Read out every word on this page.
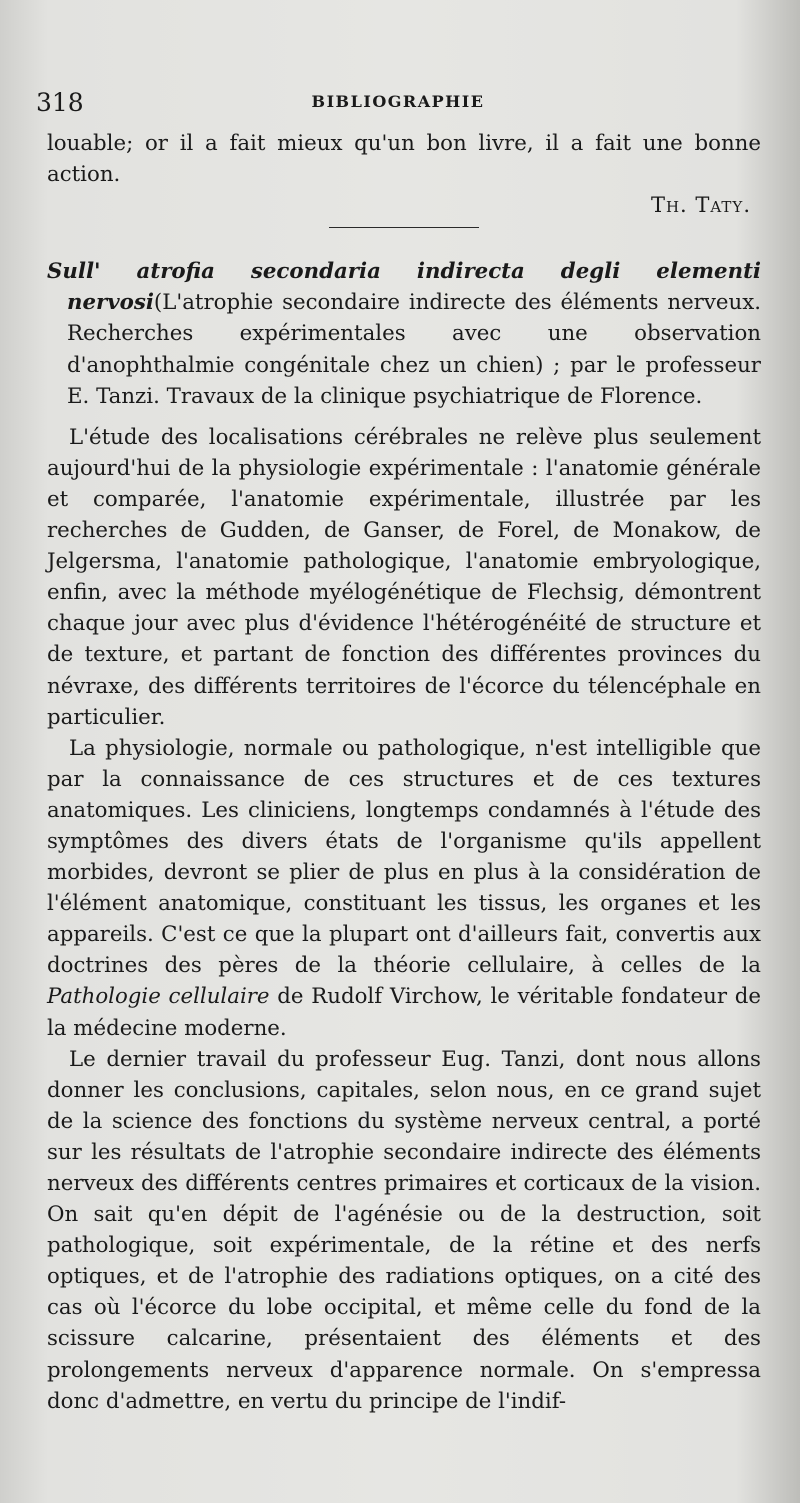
318	BIBLIOGRAPHIE

louable; or il a fait mieux qu'un bon livre, il a fait une bonne action.

Th. Taty.

Sull' atrofia secondaria indirecta degli elementi nervosi(L'atrophie secondaire indirecte des éléments nerveux. Recherches expérimentales avec une observation d'anophthalmie congénitale chez un chien) ; par le professeur E. Tanzi. Travaux de la clinique psychiatrique de Florence.

L'étude des localisations cérébrales ne relève plus seulement aujourd'hui de la physiologie expérimentale : l'anatomie générale et comparée, l'anatomie expérimentale, illustrée par les recherches de Gudden, de Ganser, de Forel, de Monakow, de Jelgersma, l'anatomie pathologique, l'anatomie embryologique, enfin, avec la méthode myélogénétique de Flechsig, démontrent chaque jour avec plus d'évidence l'hétérogénéité de structure et de texture, et partant de fonction des différentes provinces du névraxe, des différents territoires de l'écorce du télencéphale en particulier.

La physiologie, normale ou pathologique, n'est intelligible que par la connaissance de ces structures et de ces textures anatomiques. Les cliniciens, longtemps condamnés à l'étude des symptômes des divers états de l'organisme qu'ils appellent morbides, devront se plier de plus en plus à la considération de l'élément anatomique, constituant les tissus, les organes et les appareils. C'est ce que la plupart ont d'ailleurs fait, convertis aux doctrines des pères de la théorie cellulaire, à celles de la Pathologie cellulaire de Rudolf Virchow, le véritable fondateur de la médecine moderne.

Le dernier travail du professeur Eug. Tanzi, dont nous allons donner les conclusions, capitales, selon nous, en ce grand sujet de la science des fonctions du système nerveux central, a porté sur les résultats de l'atrophie secondaire indirecte des éléments nerveux des différents centres primaires et corticaux de la vision. On sait qu'en dépit de l'agénésie ou de la destruction, soit pathologique, soit expérimentale, de la rétine et des nerfs optiques, et de l'atrophie des radiations optiques, on a cité des cas où l'écorce du lobe occipital, et même celle du fond de la scissure calcarine, présentaient des éléments et des prolongements nerveux d'apparence normale. On s'empressa donc d'admettre, en vertu du principe de l'indif-
